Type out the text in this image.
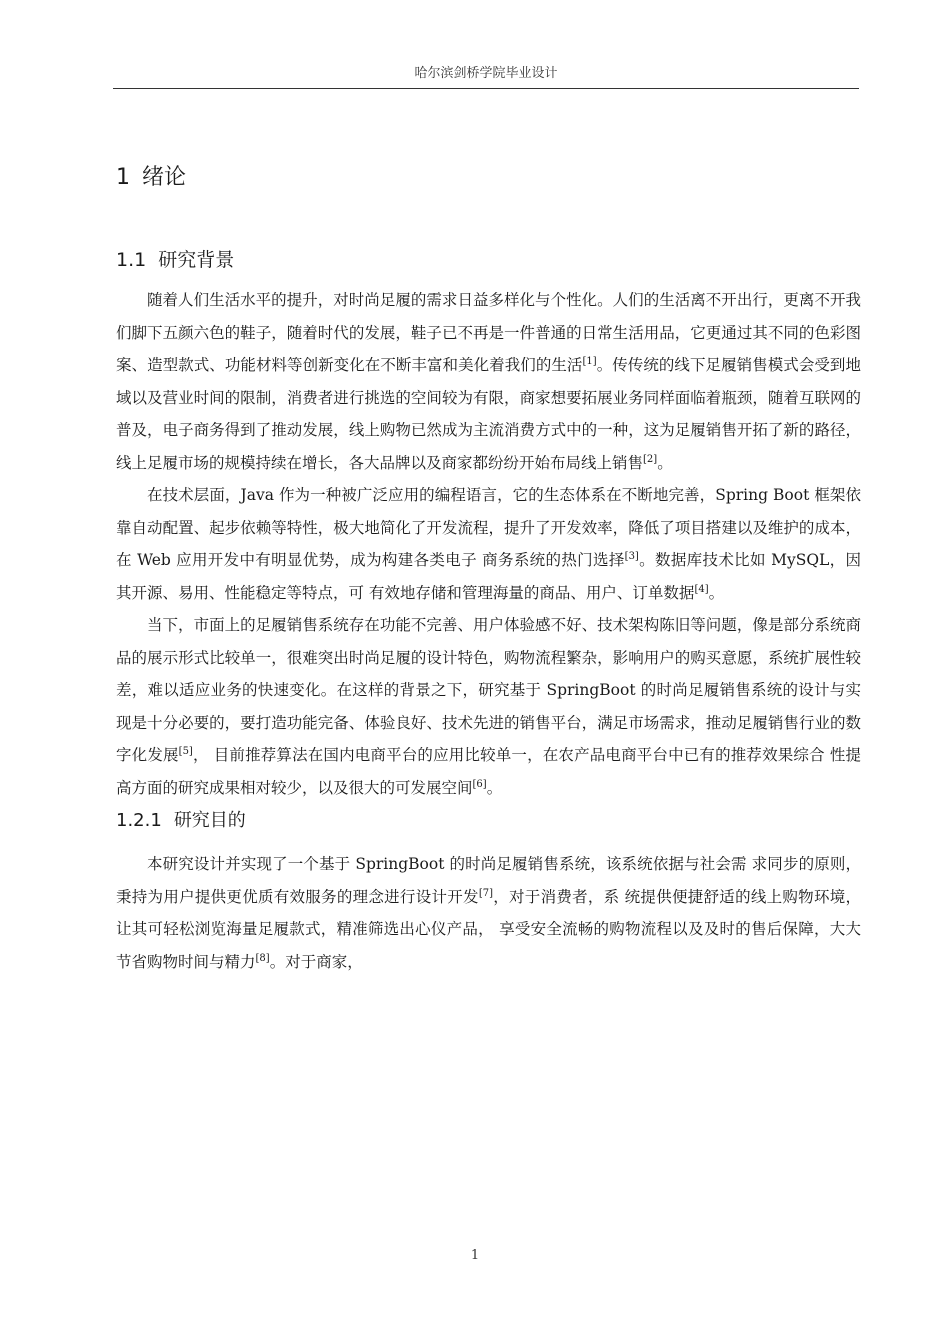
哈尔滨剑桥学院毕业设计
1 绪论
1.1 研究背景

随着人们生活水平的提升，对时尚足履的需求日益多样化与个性化。人们的生活离不开出行，更离不开我们脚下五颜六色的鞋子，随着时代的发展，鞋子已不再是一件普通的日常生活用品，它更通过其不同的色彩图案、造型款式、功能材料等创新变化在不断丰富和美化着我们的生活[1]。传传统的线下足履销售模式会受到地域以及营业时间的限制，消费者进行挑选的空间较为有限，商家想要拓展业务同样面临着瓶颈，随着互联网的普及，电子商务得到了推动发展，线上购物已然成为主流消费方式中的一种，这为足履销售开拓了新的路径，线上足履市场的规模持续在增长，各大品牌以及商家都纷纷开始布局线上销售[2]。

在技术层面，Java 作为一种被广泛应用的编程语言，它的生态体系在不断地完善，Spring Boot 框架依靠自动配置、起步依赖等特性，极大地简化了开发流程，提升了开发效率，降低了项目搭建以及维护的成本，在 Web 应用开发中有明显优势，成为构建各类电子 商务系统的热门选择[3]。数据库技术比如 MySQL，因其开源、易用、性能稳定等特点，可 有效地存储和管理海量的商品、用户、订单数据[4]。

当下，市面上的足履销售系统存在功能不完善、用户体验感不好、技术架构陈旧等问题，像是部分系统商品的展示形式比较单一，很难突出时尚足履的设计特色，购物流程繁杂，影响用户的购买意愿，系统扩展性较差，难以适应业务的快速变化。在这样的背景之下，研究基于 SpringBoot 的时尚足履销售系统的设计与实现是十分必要的，要打造功能完备、体验良好、技术先进的销售平台，满足市场需求，推动足履销售行业的数字化发展[5]， 目前推荐算法在国内电商平台的应用比较单一，在农产品电商平台中已有的推荐效果综合 性提高方面的研究成果相对较少，以及很大的可发展空间[6]。

1.2.1 研究目的

本研究设计并实现了一个基于 SpringBoot 的时尚足履销售系统，该系统依据与社会需 求同步的原则，秉持为用户提供更优质有效服务的理念进行设计开发[7]，对于消费者，系 统提供便捷舒适的线上购物环境，让其可轻松浏览海量足履款式，精准筛选出心仪产品， 享受安全流畅的购物流程以及及时的售后保障，大大节省购物时间与精力[8]。对于商家，

1
